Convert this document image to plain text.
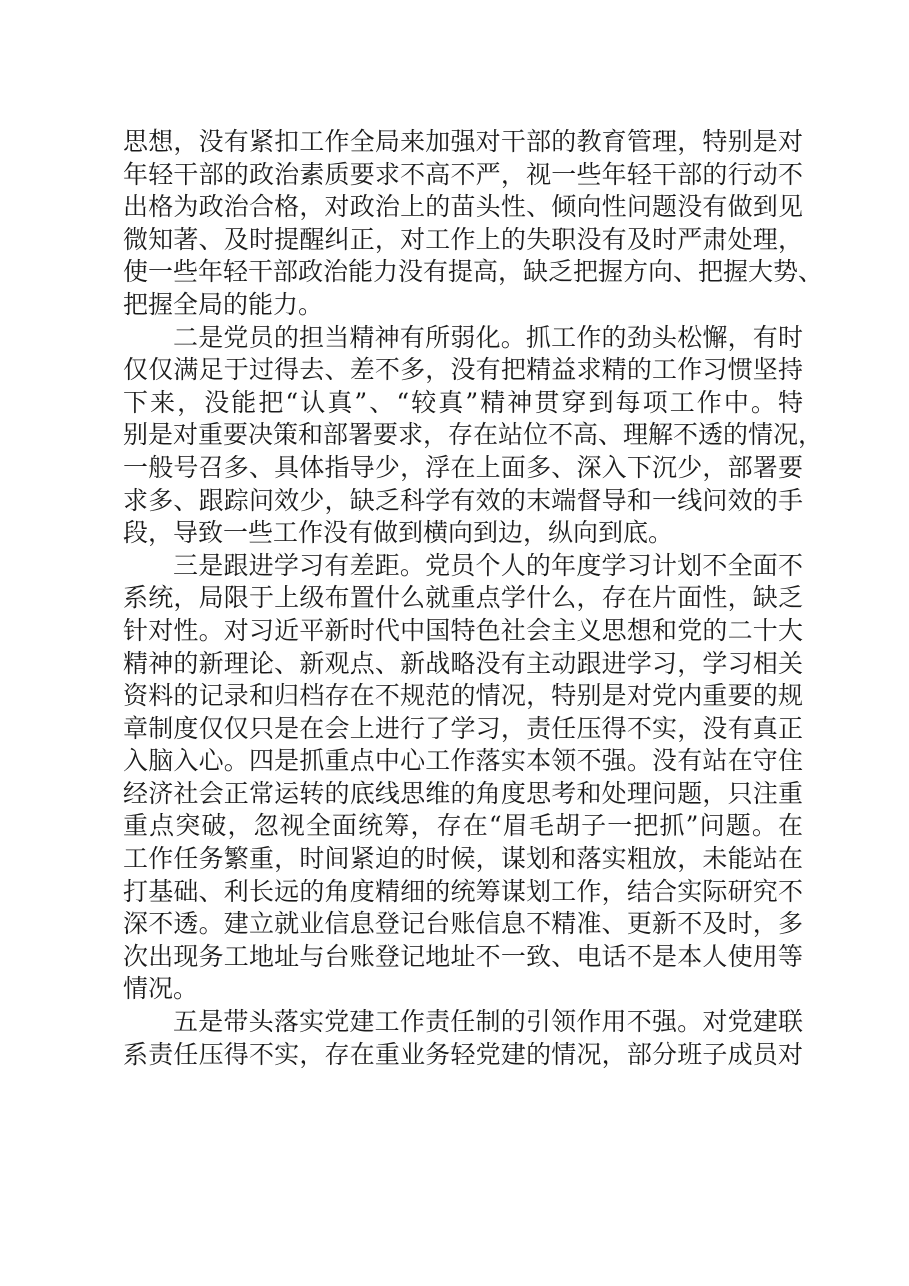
思想，没有紧扣工作全局来加强对干部的教育管理，特别是对
年轻干部的政治素质要求不高不严，视一些年轻干部的行动不
出格为政治合格，对政治上的苗头性、倾向性问题没有做到见
微知著、及时提醒纠正，对工作上的失职没有及时严肃处理，
使一些年轻干部政治能力没有提高，缺乏把握方向、把握大势、
把握全局的能力。
二是党员的担当精神有所弱化。抓工作的劲头松懈，有时
仅仅满足于过得去、差不多，没有把精益求精的工作习惯坚持
下来，没能把“认真”、“较真”精神贯穿到每项工作中。特
别是对重要决策和部署要求，存在站位不高、理解不透的情况，
一般号召多、具体指导少，浮在上面多、深入下沉少，部署要
求多、跟踪问效少，缺乏科学有效的末端督导和一线问效的手
段，导致一些工作没有做到横向到边，纵向到底。
三是跟进学习有差距。党员个人的年度学习计划不全面不
系统，局限于上级布置什么就重点学什么，存在片面性，缺乏
针对性。对习近平新时代中国特色社会主义思想和党的二十大
精神的新理论、新观点、新战略没有主动跟进学习，学习相关
资料的记录和归档存在不规范的情况，特别是对党内重要的规
章制度仅仅只是在会上进行了学习，责任压得不实，没有真正
入脑入心。四是抓重点中心工作落实本领不强。没有站在守住
经济社会正常运转的底线思维的角度思考和处理问题，只注重
重点突破，忽视全面统筹，存在“眉毛胡子一把抓”问题。在
工作任务繁重，时间紧迫的时候，谋划和落实粗放，未能站在
打基础、利长远的角度精细的统筹谋划工作，结合实际研究不
深不透。建立就业信息登记台账信息不精准、更新不及时，多
次出现务工地址与台账登记地址不一致、电话不是本人使用等
情况。
五是带头落实党建工作责任制的引领作用不强。对党建联
系责任压得不实，存在重业务轻党建的情况，部分班子成员对
